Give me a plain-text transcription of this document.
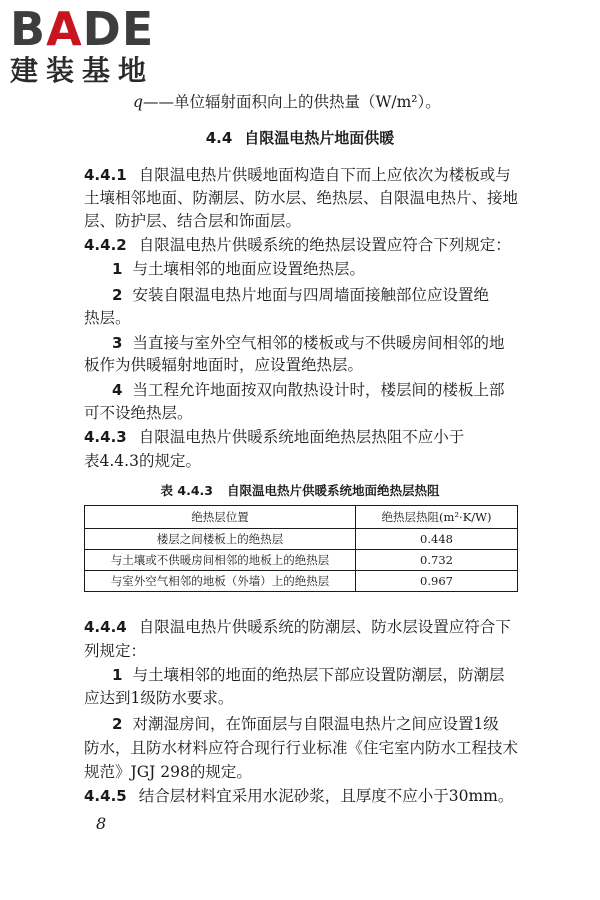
BADE
建装基地
q——单位辐射面积向上的供热量（W/m²）。
4.4 自限温电热片地面供暖
4.4.1 自限温电热片供暖地面构造自下而上应依次为楼板或与
土壤相邻地面、防潮层、防水层、绝热层、自限温电热片、接地
层、防护层、结合层和饰面层。
4.4.2 自限温电热片供暖系统的绝热层设置应符合下列规定：
1 与土壤相邻的地面应设置绝热层。
2 安装自限温电热片地面与四周墙面接触部位应设置绝
热层。
3 当直接与室外空气相邻的楼板或与不供暖房间相邻的地
板作为供暖辐射地面时，应设置绝热层。
4 当工程允许地面按双向散热设计时，楼层间的楼板上部
可不设绝热层。
4.4.3 自限温电热片供暖系统地面绝热层热阻不应小于
表4.4.3的规定。
表 4.4.3 自限温电热片供暖系统地面绝热层热阻
绝热层位置	绝热层热阻(m²·K/W)
楼层之间楼板上的绝热层	0.448
与土壤或不供暖房间相邻的地板上的绝热层	0.732
与室外空气相邻的地板（外墙）上的绝热层	0.967
4.4.4 自限温电热片供暖系统的防潮层、防水层设置应符合下
列规定：
1 与土壤相邻的地面的绝热层下部应设置防潮层，防潮层
应达到1级防水要求。
2 对潮湿房间，在饰面层与自限温电热片之间应设置1级
防水，且防水材料应符合现行行业标准《住宅室内防水工程技术
规范》JGJ 298的规定。
4.4.5 结合层材料宜采用水泥砂浆，且厚度不应小于30mm。
8
